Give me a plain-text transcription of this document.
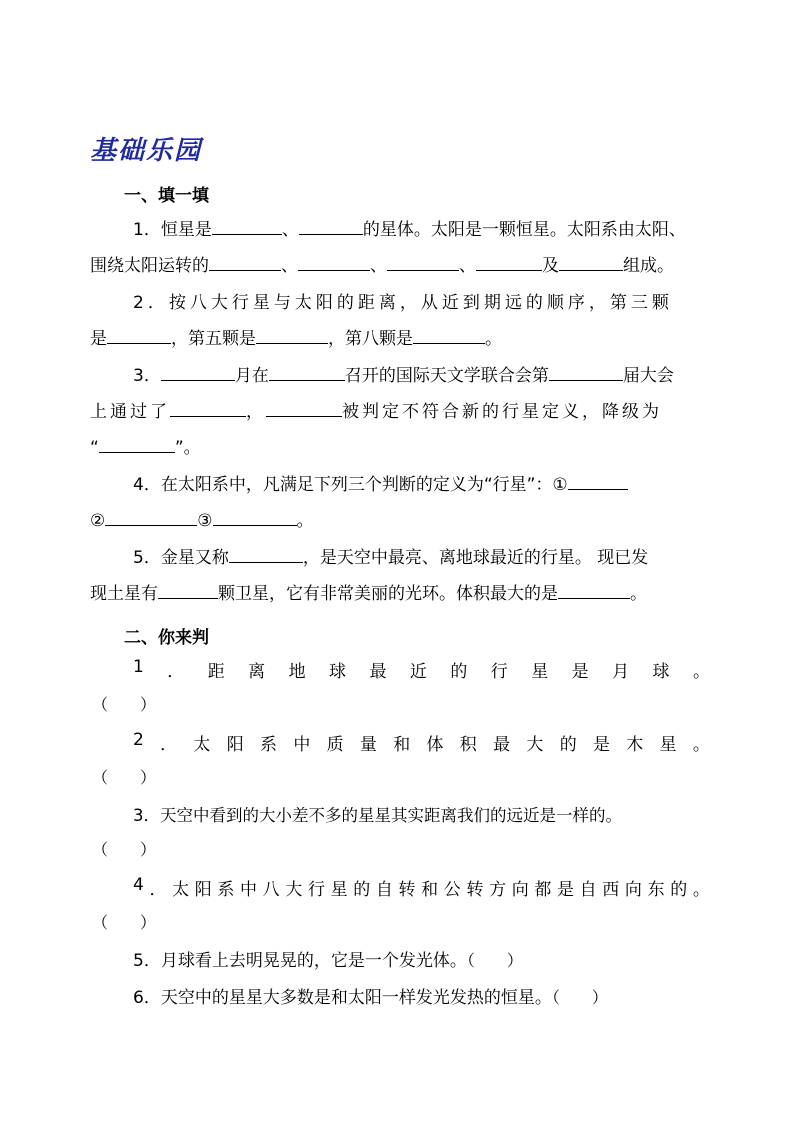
基础乐园
一、填一填
1．恒星是	、	的星体。太阳是一颗恒星。太阳系由太阳、
围绕太阳运转的	、	、	、	及	组成。
2．按八大行星与太阳的距离，从近到期远的顺序，第三颗
是	，第五颗是	，第八颗是	。
3．	月在	召开的国际天文学联合会第	届大会
上通过了	，	被判定不符合新的行星定义，降级为
“	”。
4．在太阳系中，凡满足下列三个判断的定义为“行星”：①
②	③	。
5．金星又称	，是天空中最亮、离地球最近的行星。 现已发
现土星有	颗卫星，它有非常美丽的光环。体积最大的是	。
二、你来判
1 ． 距 离 地 球 最 近 的 行 星 是 月 球 。
（　　）
2 ． 太 阳 系 中 质 量 和 体 积 最 大 的 是 木 星 。
（　　）
3．天空中看到的大小差不多的星星其实距离我们的远近是一样的。
（　　）
4 ． 太 阳 系 中 八 大 行 星 的 自 转 和 公 转 方 向 都 是 自 西 向 东 的 。
（　　）
5．月球看上去明晃晃的，它是一个发光体。（　　）
6．天空中的星星大多数是和太阳一样发光发热的恒星。（　　）
